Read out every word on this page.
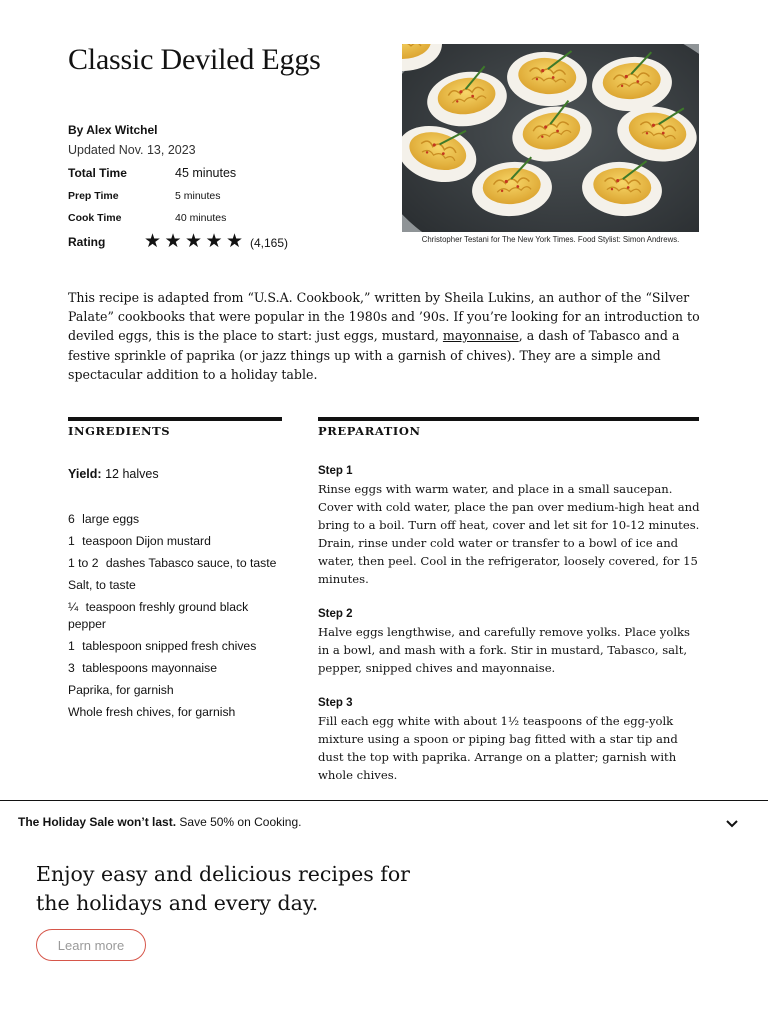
Classic Deviled Eggs
By Alex Witchel
Updated Nov. 13, 2023
Total Time	45 minutes
Prep Time	5 minutes
Cook Time	40 minutes
Rating ★ ★ ★ ★ ★ (4,165)	Christopher Testani for The New York Times. Food Stylist: Simon Andrews.

This recipe is adapted from “U.S.A. Cookbook,” written by Sheila Lukins, an author of the “Silver Palate” cookbooks that were popular in the 1980s and ’90s. If you’re looking for an introduction to deviled eggs, this is the place to start: just eggs, mustard, mayonnaise, a dash of Tabasco and a festive sprinkle of paprika (or jazz things up with a garnish of chives). They are a simple and spectacular addition to a holiday table.

INGREDIENTS	PREPARATION
Yield: 12 halves
6 large eggs
1 teaspoon Dijon mustard
1 to 2 dashes Tabasco sauce, to taste
Salt, to taste
¼ teaspoon freshly ground black pepper
1 tablespoon snipped fresh chives
3 tablespoons mayonnaise
Paprika, for garnish
Whole fresh chives, for garnish
Step 1

Rinse eggs with warm water, and place in a small saucepan. Cover with cold water, place the pan over medium-high heat and bring to a boil. Turn off heat, cover and let sit for 10-12 minutes. Drain, rinse under cold water or transfer to a bowl of ice and water, then peel. Cool in the refrigerator, loosely covered, for 15 minutes.

Step 2

Halve eggs lengthwise, and carefully remove yolks. Place yolks in a bowl, and mash with a fork. Stir in mustard, Tabasco, salt, pepper, snipped chives and mayonnaise.

Step 3

Fill each egg white with about 1½ teaspoons of the egg-yolk mixture using a spoon or piping bag fitted with a star tip and dust the top with paprika. Arrange on a platter; garnish with whole chives.

The Holiday Sale won’t last. Save 50% on Cooking.

Enjoy easy and delicious recipes for the holidays and every day.

Learn more
